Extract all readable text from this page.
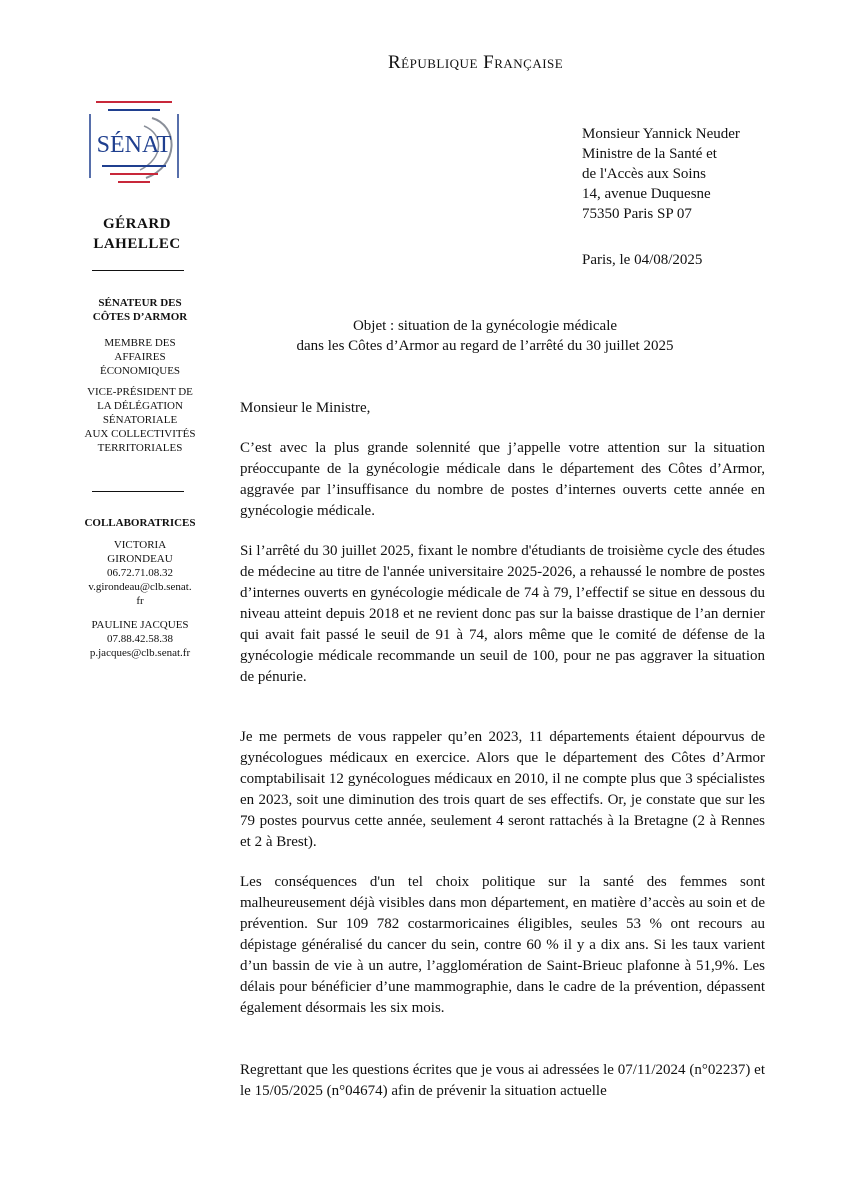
République Française
SÉNAT
GÉRARD
LAHELLEC
SÉNATEUR DES
CÔTES D’ARMOR
MEMBRE DES
AFFAIRES
ÉCONOMIQUES
VICE-PRÉSIDENT DE
LA DÉLÉGATION
SÉNATORIALE
AUX COLLECTIVITÉS
TERRITORIALES
COLLABORATRICES
VICTORIA
GIRONDEAU
06.72.71.08.32
v.girondeau@clb.senat.
fr
PAULINE JACQUES
07.88.42.58.38
p.jacques@clb.senat.fr
Monsieur Yannick Neuder
Ministre de la Santé et
de l'Accès aux Soins
14, avenue Duquesne
75350 Paris SP 07
Paris, le 04/08/2025
Objet : situation de la gynécologie médicale
dans les Côtes d’Armor au regard de l’arrêté du 30 juillet 2025
Monsieur le Ministre,

C’est avec la plus grande solennité que j’appelle votre attention sur la situation préoccupante de la gynécologie médicale dans le département des Côtes d’Armor, aggravée par l’insuffisance du nombre de postes d’internes ouverts cette année en gynécologie médicale.

Si l’arrêté du 30 juillet 2025, fixant le nombre d'étudiants de troisième cycle des études de médecine au titre de l'année universitaire 2025-2026, a rehaussé le nombre de postes d’internes ouverts en gynécologie médicale de 74 à 79, l’effectif se situe en dessous du niveau atteint depuis 2018 et ne revient donc pas sur la baisse drastique de l’an dernier qui avait fait passé le seuil de 91 à 74, alors même que le comité de défense de la gynécologie médicale recommande un seuil de 100, pour ne pas aggraver la situation de pénurie.

Je me permets de vous rappeler qu’en 2023, 11 départements étaient dépourvus de gynécologues médicaux en exercice. Alors que le département des Côtes d’Armor comptabilisait 12 gynécologues médicaux en 2010, il ne compte plus que 3 spécialistes en 2023, soit une diminution des trois quart de ses effectifs. Or, je constate que sur les 79 postes pourvus cette année, seulement 4 seront rattachés à la Bretagne (2 à Rennes et 2 à Brest).

Les conséquences d'un tel choix politique sur la santé des femmes sont malheureusement déjà visibles dans mon département, en matière d’accès au soin et de prévention. Sur 109 782 costarmoricaines éligibles, seules 53 % ont recours au dépistage généralisé du cancer du sein, contre 60 % il y a dix ans. Si les taux varient d’un bassin de vie à un autre, l’agglomération de Saint-Brieuc plafonne à 51,9%. Les délais pour bénéficier d’une mammographie, dans le cadre de la prévention, dépassent également désormais les six mois.

Regrettant que les questions écrites que je vous ai adressées le 07/11/2024 (n°02237) et le 15/05/2025 (n°04674) afin de prévenir la situation actuelle
